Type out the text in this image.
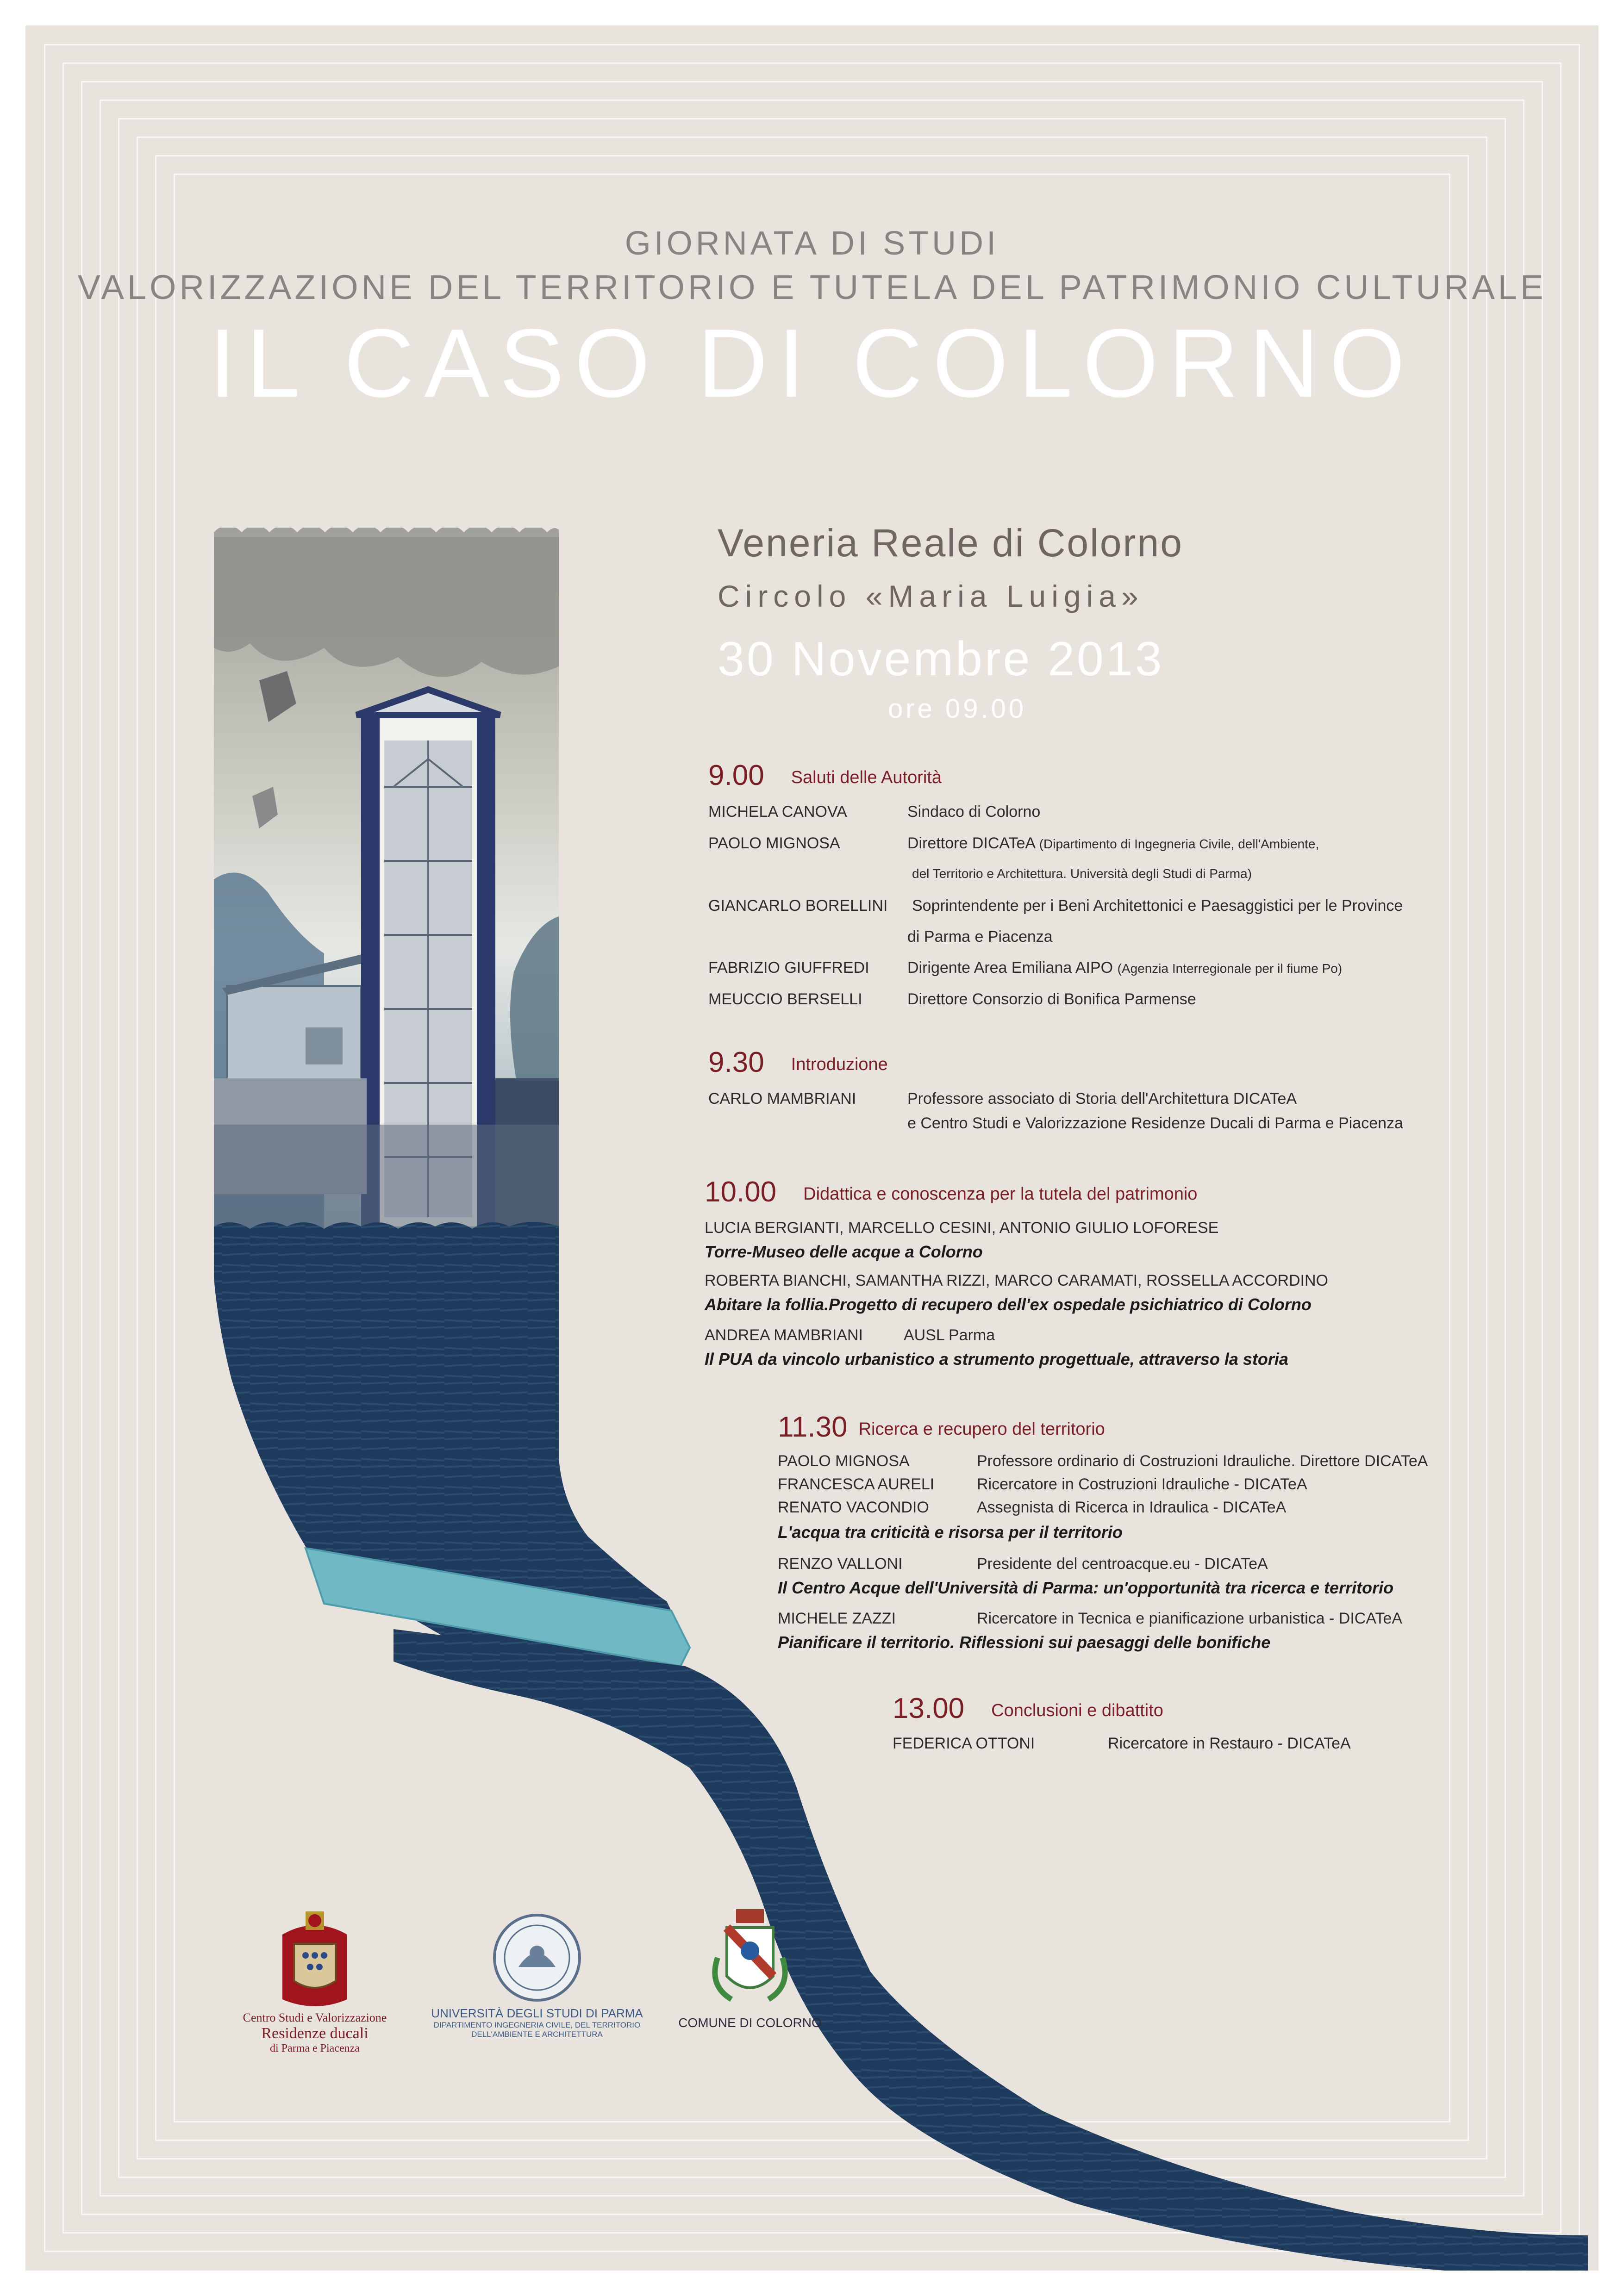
GIORNATA DI STUDI
VALORIZZAZIONE DEL TERRITORIO E TUTELA DEL PATRIMONIO CULTURALE
IL CASO DI COLORNO
Veneria Reale di Colorno
Circolo «Maria Luigia»
30 Novembre 2013
ore 09.00
9.00 Saluti delle Autorità
MICHELA CANOVA	Sindaco di Colorno
PAOLO MIGNOSA	Direttore DICATeA (Dipartimento di Ingegneria Civile, dell'Ambiente,
del Territorio e Architettura. Università degli Studi di Parma)
GIANCARLO BORELLINI Soprintendente per i Beni Architettonici e Paesaggistici per le Province
di Parma e Piacenza
FABRIZIO GIUFFREDI Dirigente Area Emiliana AIPO (Agenzia Interregionale per il fiume Po)
MEUCCIO BERSELLI	Direttore Consorzio di Bonifica Parmense
9.30 Introduzione
CARLO MAMBRIANI	Professore associato di Storia dell'Architettura DICATeA
e Centro Studi e Valorizzazione Residenze Ducali di Parma e Piacenza
10.00 Didattica e conoscenza per la tutela del patrimonio
LUCIA BERGIANTI, MARCELLO CESINI, ANTONIO GIULIO LOFORESE
Torre-Museo delle acque a Colorno
ROBERTA BIANCHI, SAMANTHA RIZZI, MARCO CARAMATI, ROSSELLA ACCORDINO
Abitare la follia.Progetto di recupero dell'ex ospedale psichiatrico di Colorno
ANDREA MAMBRIANI	AUSL Parma
Il PUA da vincolo urbanistico a strumento progettuale, attraverso la storia
11.30 Ricerca e recupero del territorio
PAOLO MIGNOSA	Professore ordinario di Costruzioni Idrauliche. Direttore DICATeA
FRANCESCA AURELI	Ricercatore in Costruzioni Idrauliche - DICATeA
RENATO VACONDIO	Assegnista di Ricerca in Idraulica - DICATeA
L'acqua tra criticità e risorsa per il territorio
RENZO VALLONI	Presidente del centroacque.eu - DICATeA
Il Centro Acque dell'Università di Parma: un'opportunità tra ricerca e territorio
MICHELE ZAZZI	Ricercatore in Tecnica e pianificazione urbanistica - DICATeA
Pianificare il territorio. Riflessioni sui paesaggi delle bonifiche
13.00 Conclusioni e dibattito
FEDERICA OTTONI	Ricercatore in Restauro - DICATeA
Centro Studi e Valorizzazione
Residenze ducali
di Parma e Piacenza
UNIVERSITÀ DEGLI STUDI DI PARMA
DIPARTIMENTO INGEGNERIA CIVILE, DEL TERRITORIO
DELL'AMBIENTE E ARCHITETTURA
COMUNE DI COLORNO
